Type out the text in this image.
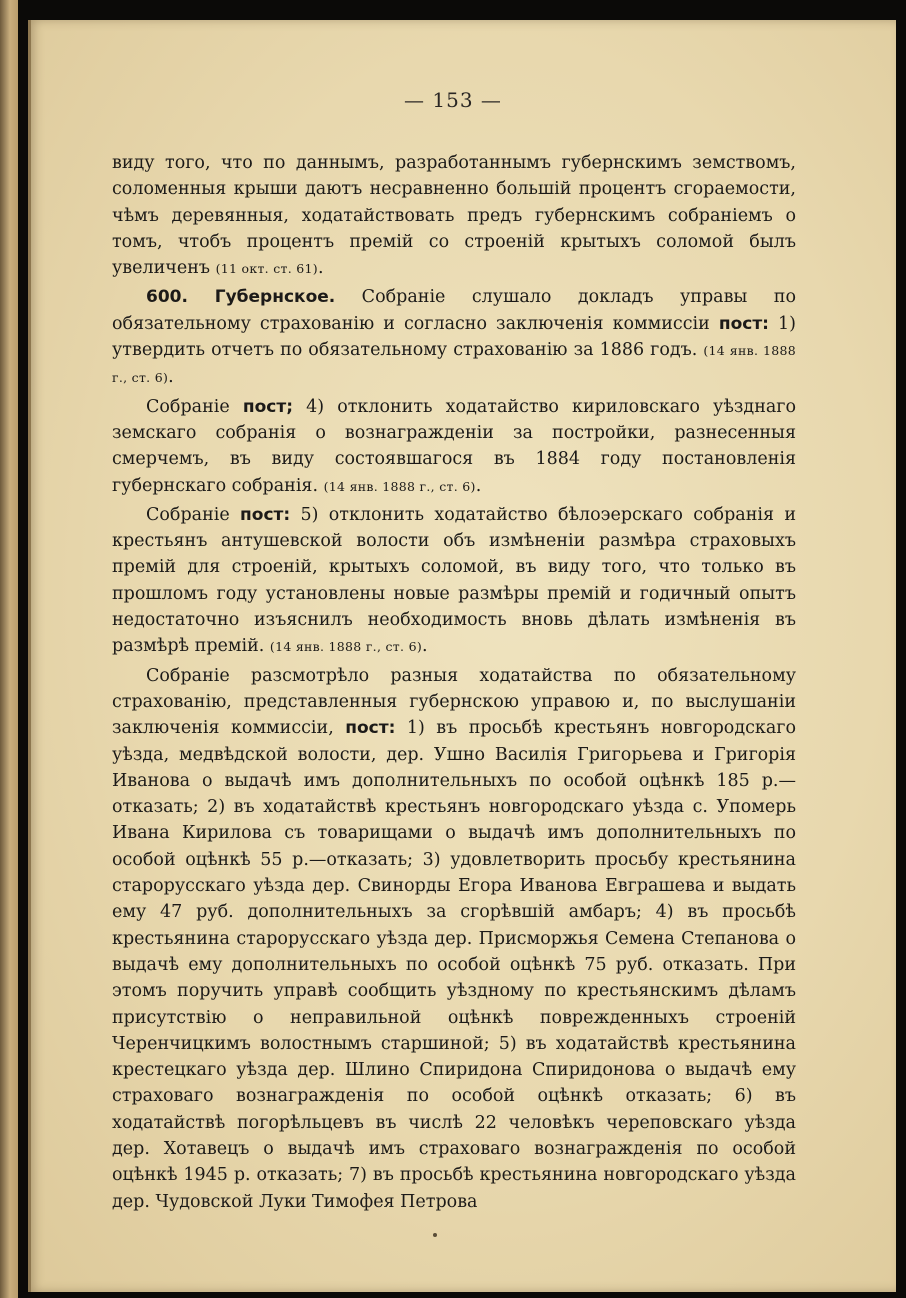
— 153 —

виду того, что по даннымъ, разработаннымъ губернскимъ земствомъ, соломенныя крыши даютъ несравненно большій процентъ сгораемости, чѣмъ деревянныя, ходатайствовать предъ губернскимъ собраніемъ о томъ, чтобъ процентъ премій со строеній крытыхъ соломой былъ увеличенъ (11 окт. ст. 61).

600. Губернское. Собраніе слушало докладъ управы по обязательному страхованію и согласно заключенія коммиссіи пост: 1) утвердить отчетъ по обязательному страхованію за 1886 годъ. (14 янв. 1888 г., ст. 6).

Собраніе пост; 4) отклонить ходатайство кириловскаго уѣзднаго земскаго собранія о вознагражденіи за постройки, разнесенныя смерчемъ, въ виду состоявшагося въ 1884 году постановленія губернскаго собранія. (14 янв. 1888 г., ст. 6).

Собраніе пост: 5) отклонить ходатайство бѣлоэерскаго собранія и крестьянъ антушевской волости объ измѣненіи размѣра страховыхъ премій для строеній, крытыхъ соломой, въ виду того, что только въ прошломъ году установлены новые размѣры премій и годичный опытъ недостаточно изъяснилъ необходимость вновь дѣлать измѣненія въ размѣрѣ премій. (14 янв. 1888 г., ст. 6).

Собраніе разсмотрѣло разныя ходатайства по обязательному страхованію, представленныя губернскою управою и, по выслушаніи заключенія коммиссіи, пост: 1) въ просьбѣ крестьянъ новгородскаго уѣзда, медвѣдской волости, дер. Ушно Василія Григорьева и Григорія Иванова о выдачѣ имъ дополнительныхъ по особой оцѣнкѣ 185 р.— отказать; 2) въ ходатайствѣ крестьянъ новгородскаго уѣзда с. Упомерь Ивана Кирилова съ товарищами о выдачѣ имъ дополнительныхъ по особой оцѣнкѣ 55 р.—отказать; 3) удовлетворить просьбу крестьянина старорусскаго уѣзда дер. Свинорды Егора Иванова Евграшева и выдать ему 47 руб. дополнительныхъ за сгорѣвшій амбаръ; 4) въ просьбѣ крестьянина старорусскаго уѣзда дер. Присморжья Семена Степанова о выдачѣ ему дополнительныхъ по особой оцѣнкѣ 75 руб. отказать. При этомъ поручить управѣ сообщить уѣздному по крестьянскимъ дѣламъ присутствію о неправильной оцѣнкѣ поврежденныхъ строеній Черенчицкимъ волостнымъ старшиной; 5) въ ходатайствѣ крестьянина крестецкаго уѣзда дер. Шлино Спиридона Спиридонова о выдачѣ ему страховаго вознагражденія по особой оцѣнкѣ отказать; 6) въ ходатайствѣ погорѣльцевъ въ числѣ 22 человѣкъ череповскаго уѣзда дер. Хотавецъ о выдачѣ имъ страховаго вознагражденія по особой оцѣнкѣ 1945 р. отказать; 7) въ просьбѣ крестьянина новгородскаго уѣзда дер. Чудовской Луки Тимофея Петрова
